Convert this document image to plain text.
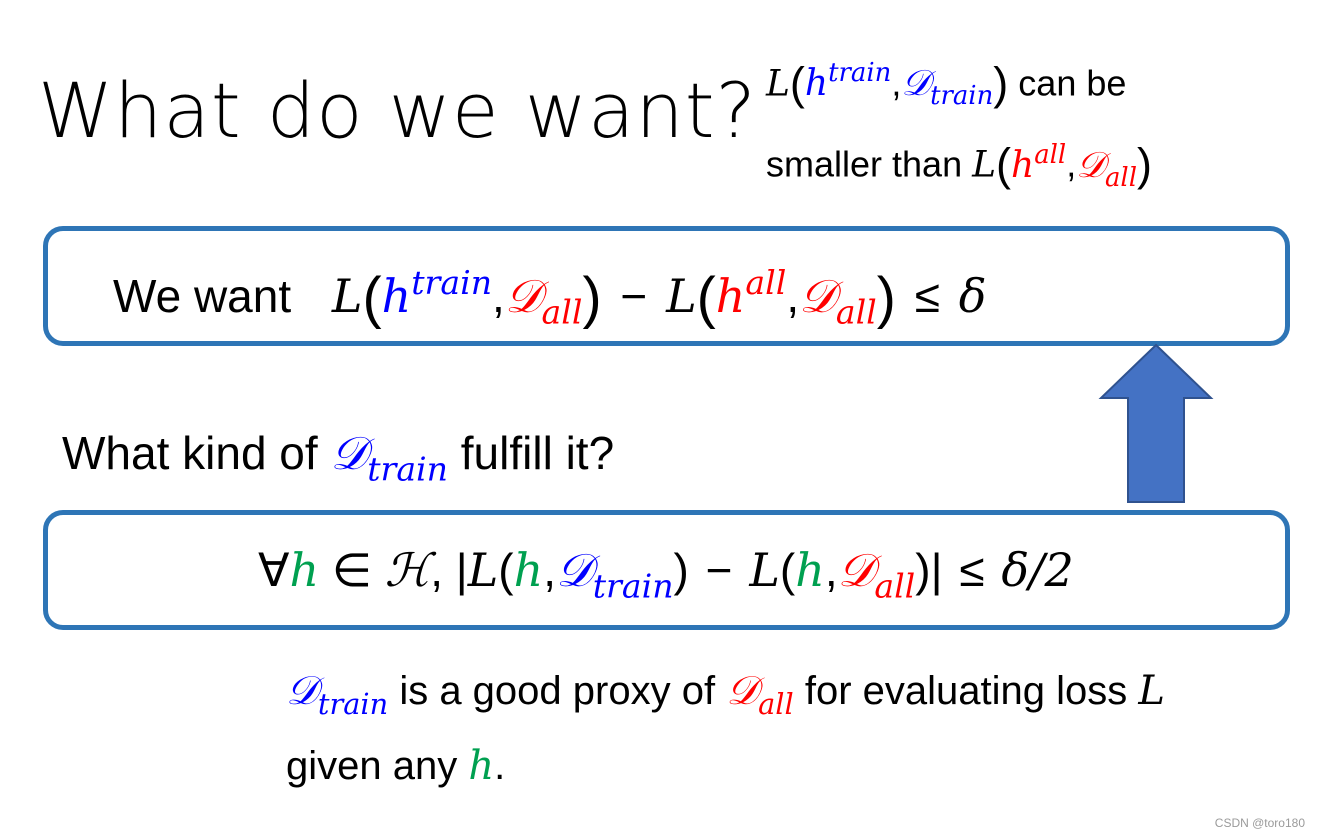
What do we want? $L(h^{train},𝒟_{train})$ can be
smaller than $L(h^{all},𝒟_{all})$
We want $L(h^{train},𝒟_{all})$ − $L(h^{all},𝒟_{all}) \le \delta$
What kind of 𝒟$_{train}$ fulfill it?
∀h ∈ ℋ, |L(h,𝒟$_{train}$) − L(h,𝒟$_{all}$)| ≤ δ/2
𝒟$_{train}$ is a good proxy of 𝒟$_{all}$ for evaluating loss L
given any h.
CSDN @toro180
